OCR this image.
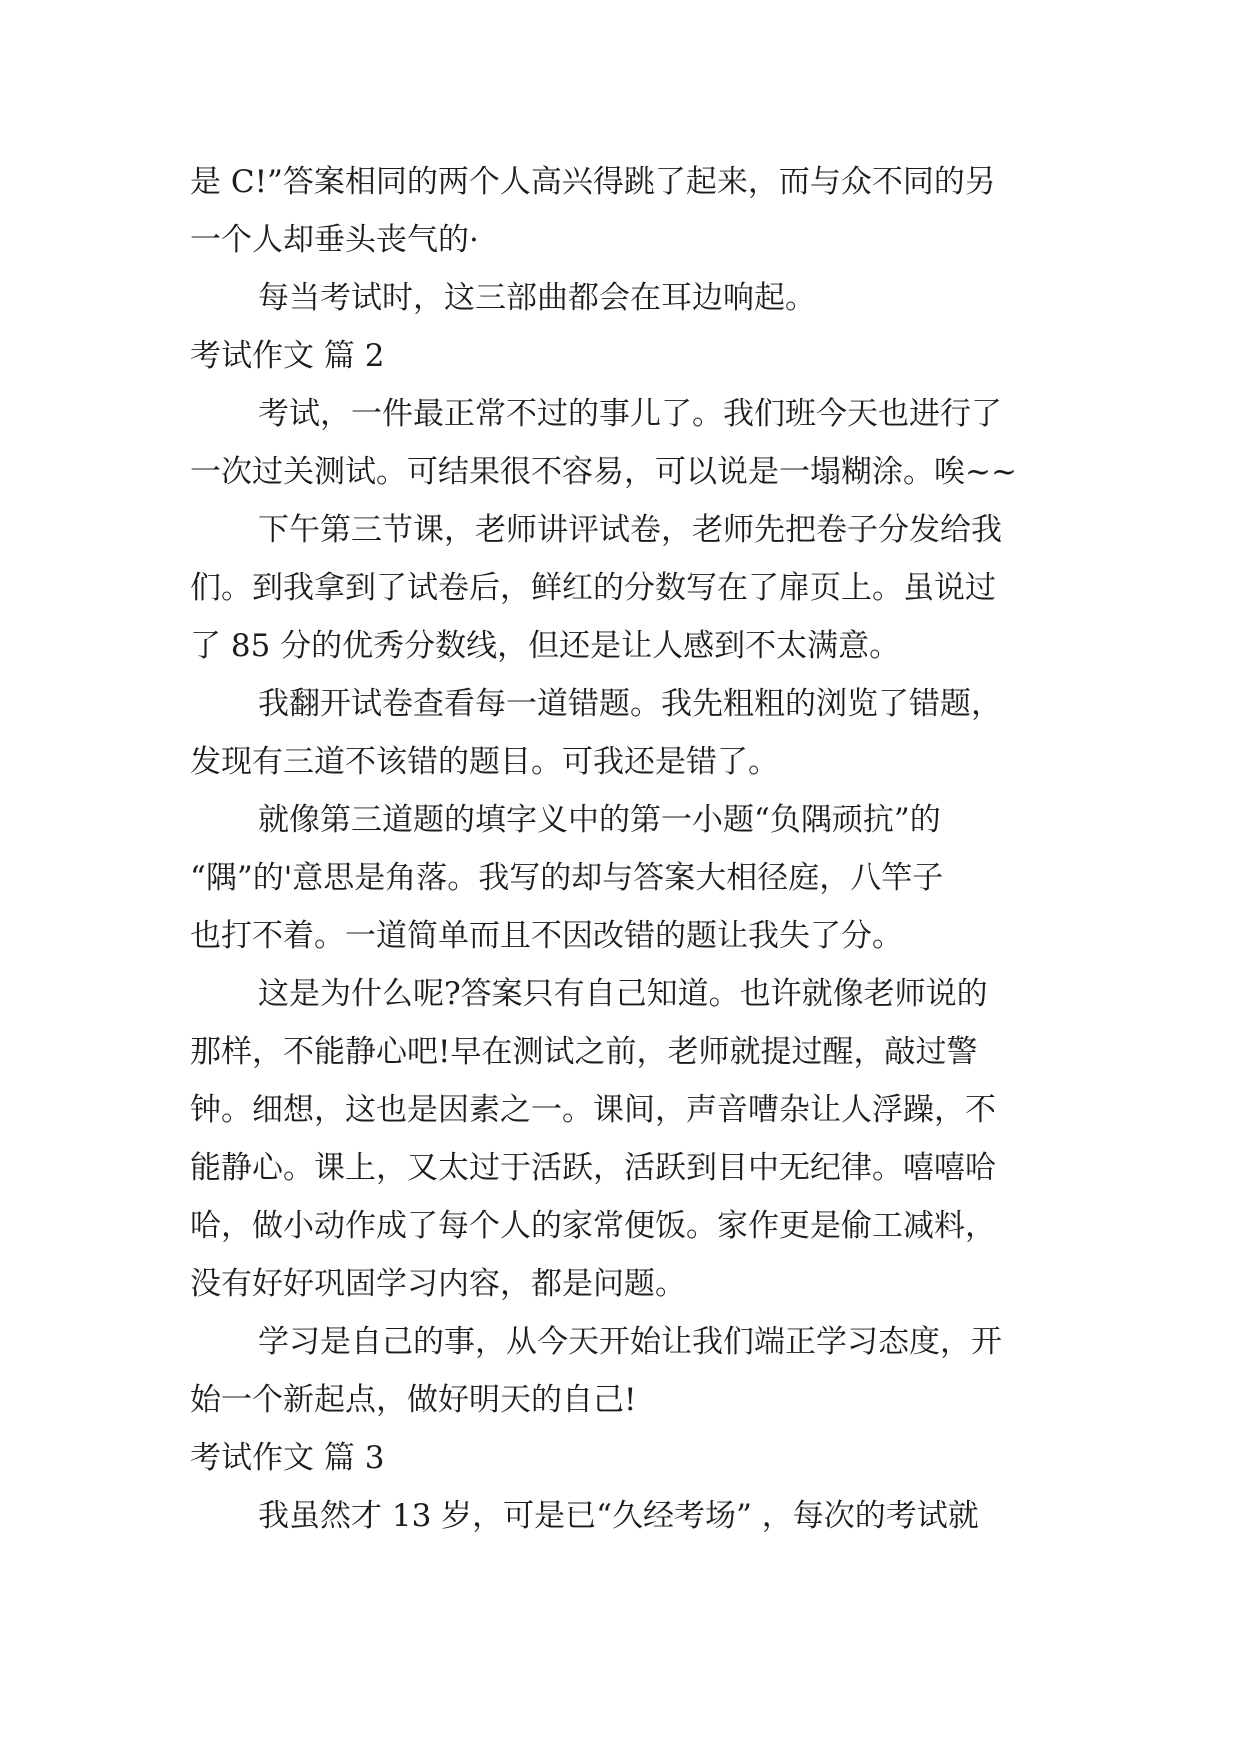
是 C!”答案相同的两个人高兴得跳了起来，而与众不同的另
一个人却垂头丧气的·
每当考试时，这三部曲都会在耳边响起。
考试作文 篇 2
考试，一件最正常不过的事儿了。我们班今天也进行了
一次过关测试。可结果很不容易，可以说是一塌糊涂。唉~~
下午第三节课，老师讲评试卷，老师先把卷子分发给我
们。到我拿到了试卷后，鲜红的分数写在了扉页上。虽说过
了 85 分的优秀分数线，但还是让人感到不太满意。
我翻开试卷查看每一道错题。我先粗粗的浏览了错题，
发现有三道不该错的题目。可我还是错了。
就像第三道题的填字义中的第一小题“负隅顽抗”的
“隅”的'意思是角落。我写的却与答案大相径庭，八竿子
也打不着。一道简单而且不因改错的题让我失了分。
这是为什么呢?答案只有自己知道。也许就像老师说的
那样，不能静心吧!早在测试之前，老师就提过醒，敲过警
钟。细想，这也是因素之一。课间，声音嘈杂让人浮躁，不
能静心。课上，又太过于活跃，活跃到目中无纪律。嘻嘻哈
哈，做小动作成了每个人的家常便饭。家作更是偷工减料，
没有好好巩固学习内容，都是问题。
学习是自己的事，从今天开始让我们端正学习态度，开
始一个新起点，做好明天的自己!
考试作文 篇 3
我虽然才 13 岁，可是已“久经考场” ，每次的考试就
